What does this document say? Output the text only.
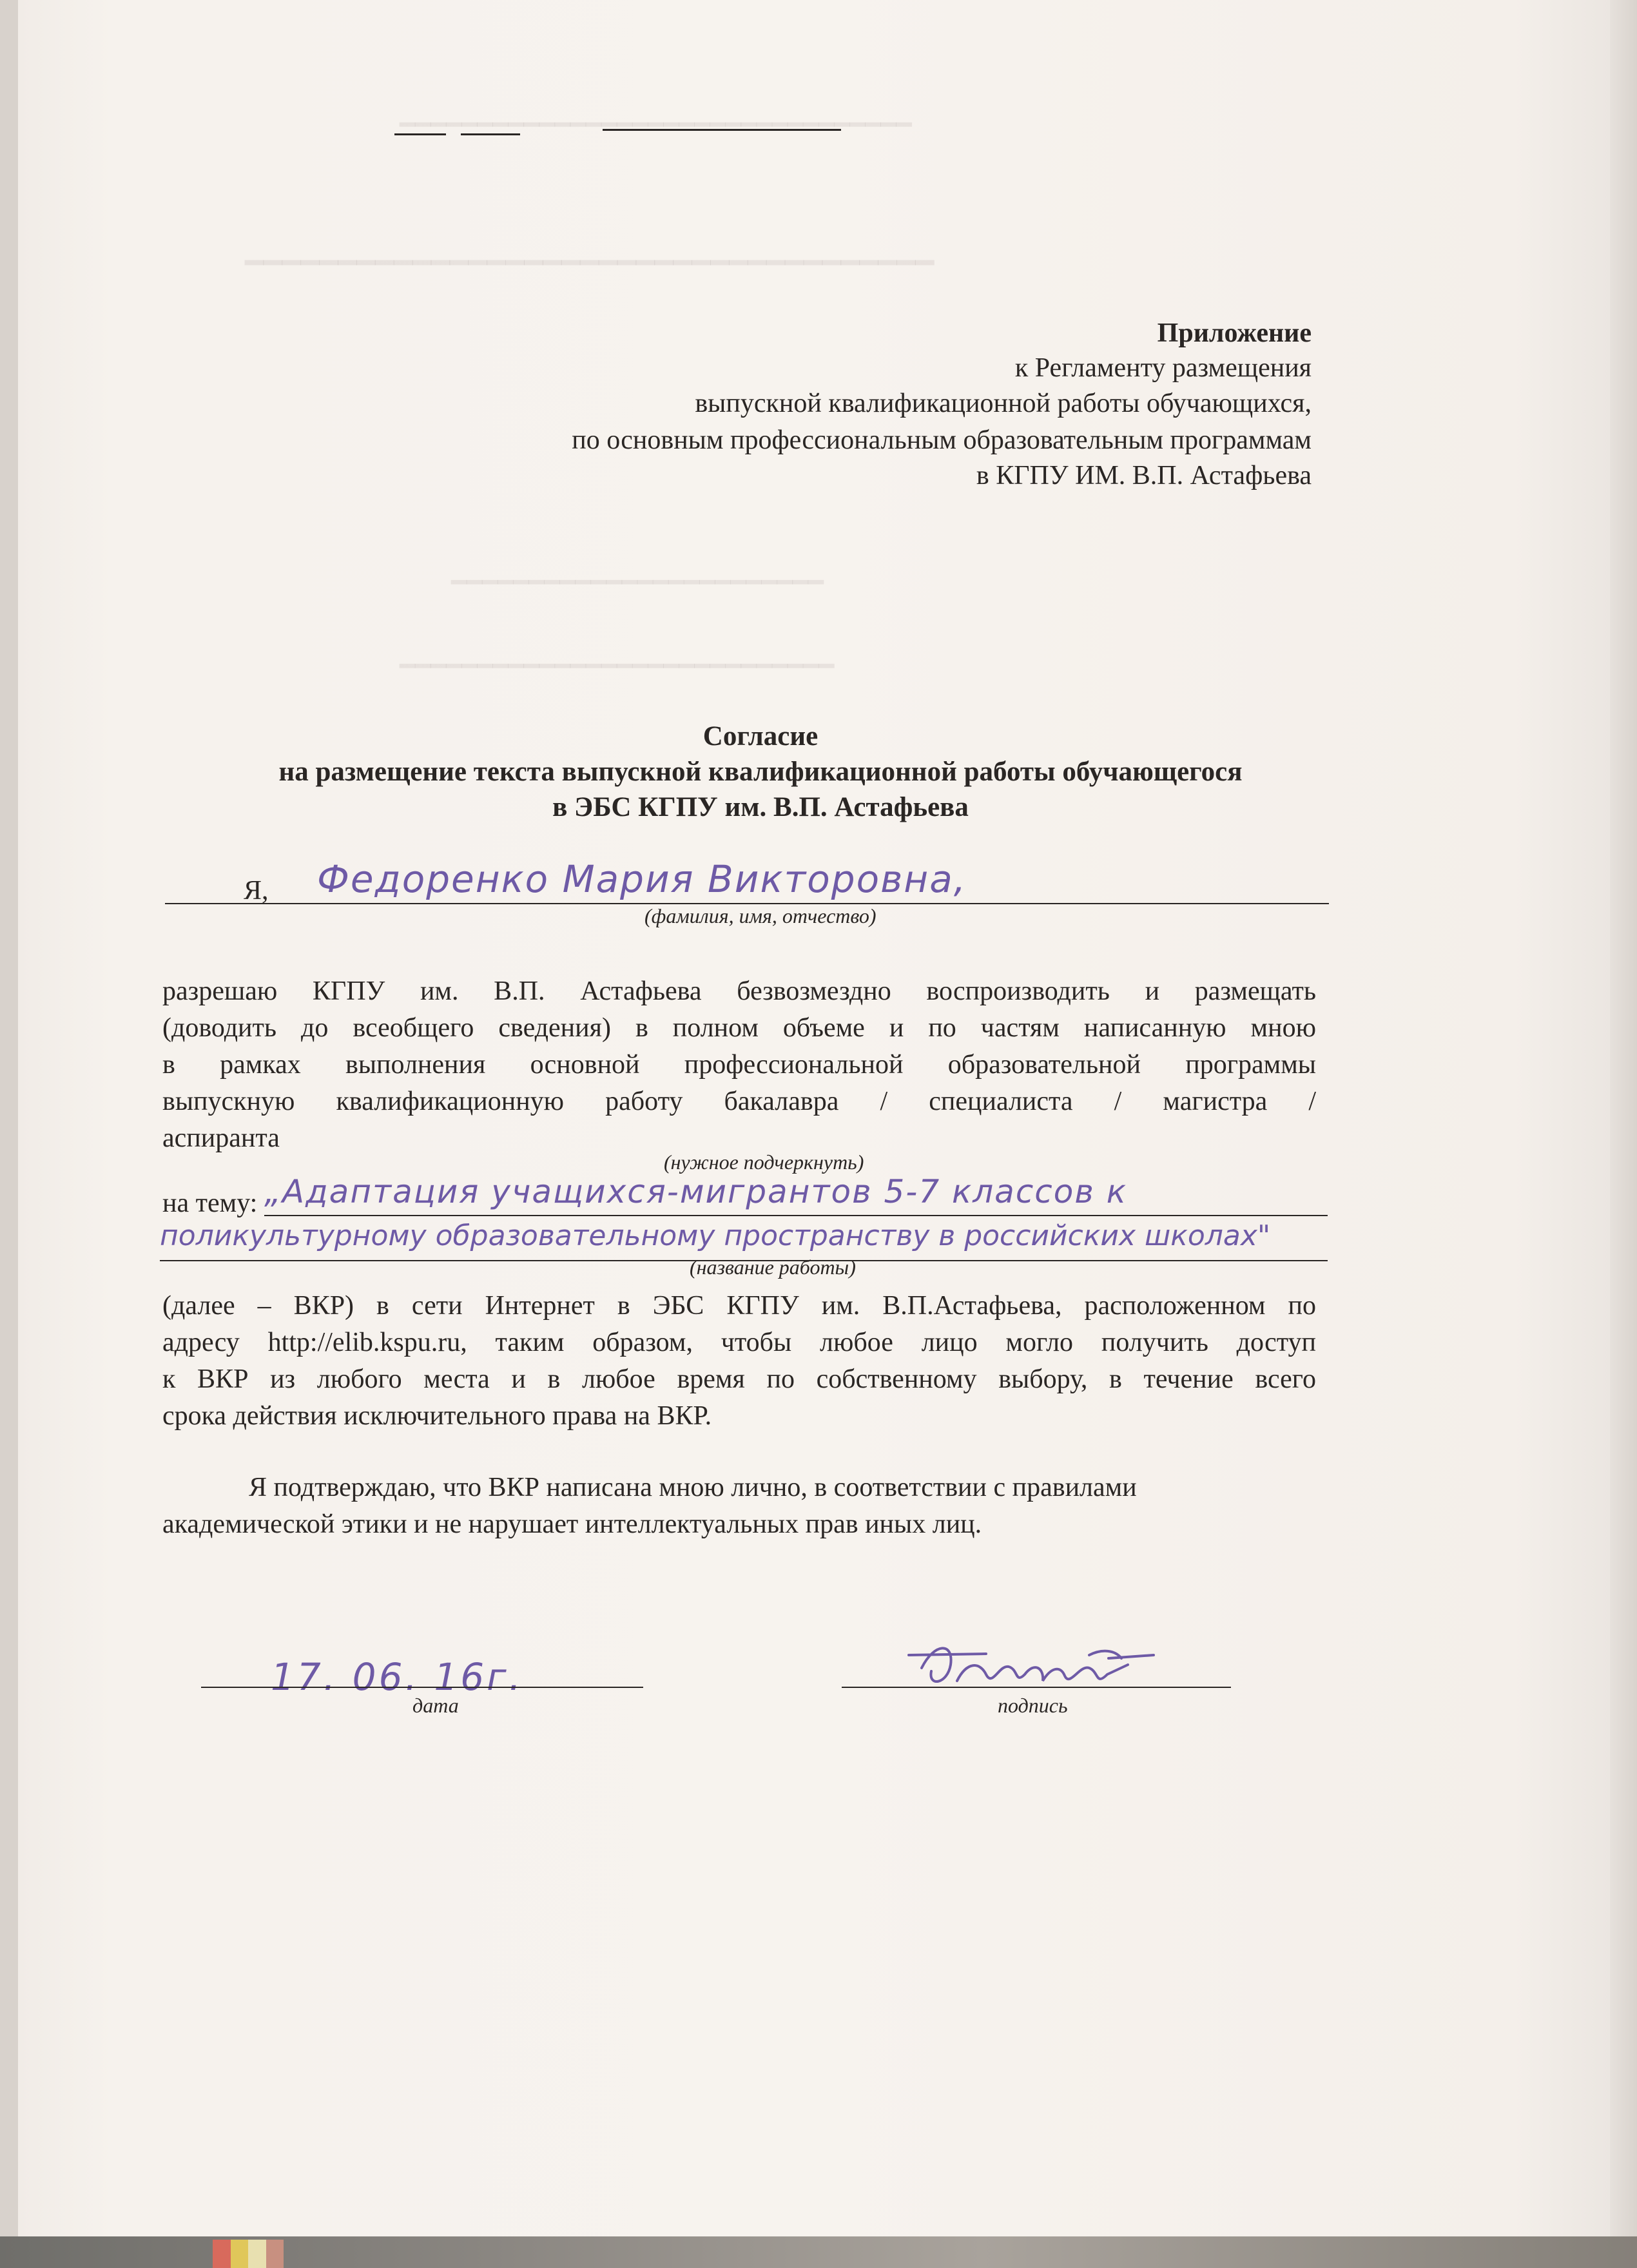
━━━━━━━━━━━━━━━━━━━━━━━━━━━━━━━━━
━━━━━━━━━━━━━━━━━━━━━━━━━━━━━━━━━━━━━
━━━━━━━━━━━━━━━━━━━━━━━━
━━━━━━━━━━━━━━━━━━━━━━━━━━━━
Приложение
к Регламенту размещения
выпускной квалификационной работы обучающихся,
по основным профессиональным образовательным программам
в КГПУ ИМ. В.П. Астафьева
Согласие
на размещение текста выпускной квалификационной работы обучающегося
в ЭБС КГПУ им. В.П. Астафьева
Я, Федоренко Мария Викторовна,
(фамилия, имя, отчество)
разрешаю КГПУ им. В.П. Астафьева безвозмездно воспроизводить и размещать
(доводить до всеобщего сведения) в полном объеме и по частям написанную мною
в рамках выполнения основной профессиональной образовательной программы
выпускную квалификационную работу бакалавра / специалиста / магистра /
аспиранта
(нужное подчеркнуть)
на тему: „Адаптация учащихся-мигрантов 5-7 классов к
поликультурному образовательному пространству в российских школах"
(название работы)
(далее – ВКР) в сети Интернет в ЭБС КГПУ им. В.П.Астафьева, расположенном по
адресу http://elib.kspu.ru, таким образом, чтобы любое лицо могло получить доступ
к ВКР из любого места и в любое время по собственному выбору, в течение всего
срока действия исключительного права на ВКР.
Я подтверждаю, что ВКР написана мною лично, в соответствии с правилами
академической этики и не нарушает интеллектуальных прав иных лиц.
17. 06. 16г.
дата	подпись
